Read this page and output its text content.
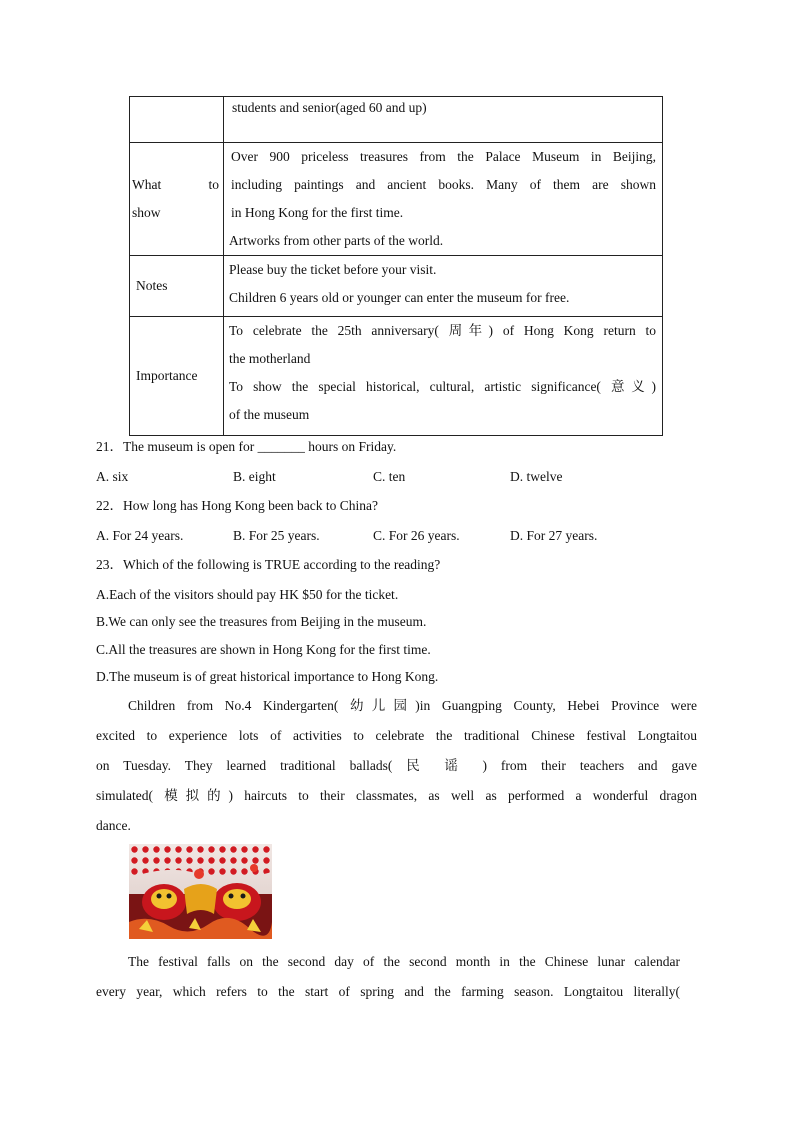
	students and senior(aged 60 and up)

What to
show	Over 900 priceless treasures from the Palace Museum in Beijing,
including paintings and ancient books. Many of them are shown
in Hong Kong for the first time.
Artworks from other parts of the world.

Notes	Please buy the ticket before your visit.
Children 6 years old or younger can enter the museum for free.

Importance	To celebrate the 25th anniversary( 周年) of Hong Kong return to
the motherland
To show the special historical, cultural, artistic significance( 意义)
of the museum
21．The museum is open for _______ hours on Friday.
A. six	B. eight	C. ten	D. twelve
22．How long has Hong Kong been back to China?
A. For 24 years.	B. For 25 years.	C. For 26 years.	D. For 27 years.
23．Which of the following is TRUE according to the reading?
A.Each of the visitors should pay HK $50 for the ticket.
B.We can only see the treasures from Beijing in the museum.
C.All the treasures are shown in Hong Kong for the first time.
D.The museum is of great historical importance to Hong Kong.
Children from No.4 Kindergarten( 幼儿园)in Guangping County, Hebei Province were
excited to experience lots of activities to celebrate the traditional Chinese festival Longtaitou
on Tuesday. They learned traditional ballads( 民 谣 ) from their teachers and gave
simulated( 模拟的) haircuts to their classmates, as well as performed a wonderful dragon
dance.
The festival falls on the second day of the second month in the Chinese lunar calendar
every year, which refers to the start of spring and the farming season. Longtaitou literally(
